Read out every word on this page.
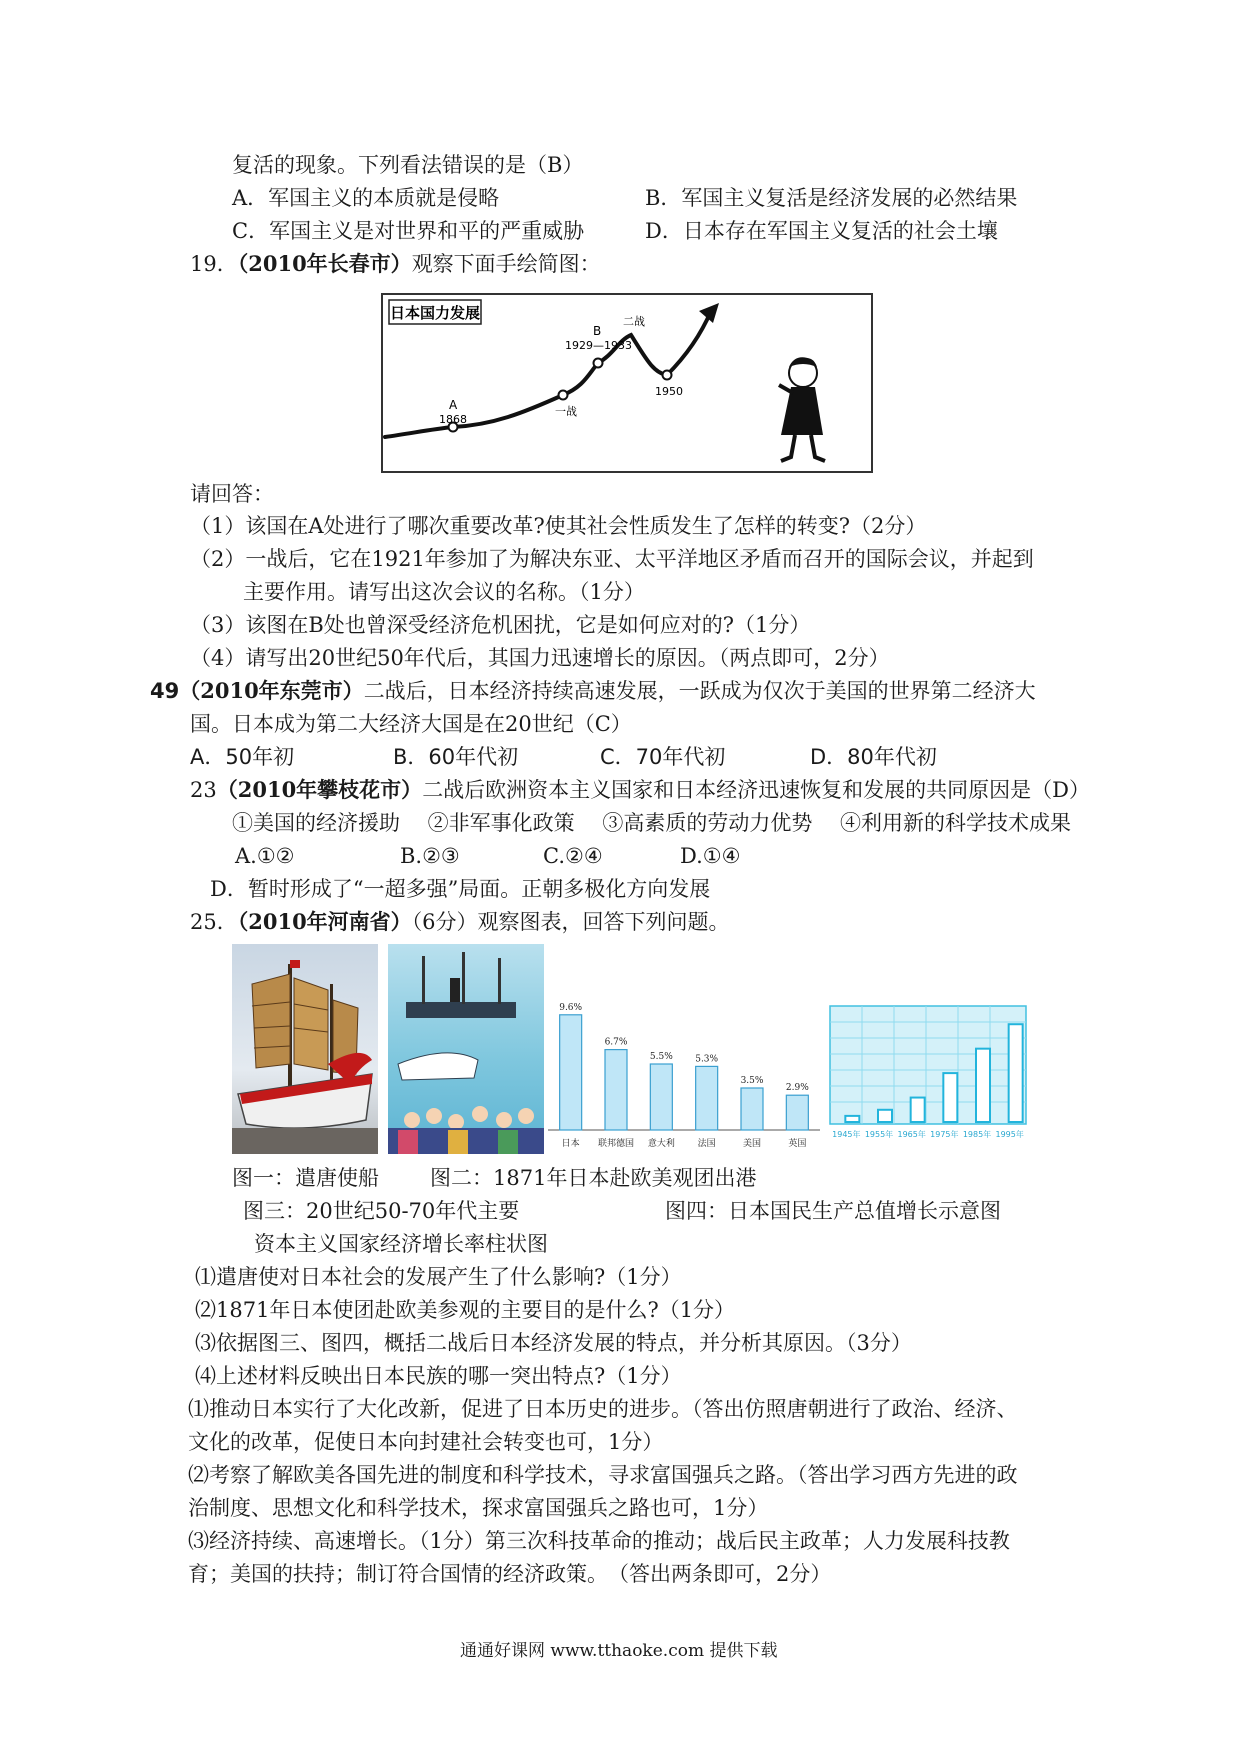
复活的现象。下列看法错误的是（B）
A．军国主义的本质就是侵略	B．军国主义复活是经济发展的必然结果
C．军国主义是对世界和平的严重威胁	D．日本存在军国主义复活的社会土壤
19．（2010年长春市）观察下面手绘简图：
日本国力发展
A
1868
一战
B
1929—1933
二战
1950
请回答：
（1）该国在A处进行了哪次重要改革?使其社会性质发生了怎样的转变?（2分）
（2）一战后，它在1921年参加了为解决东亚、太平洋地区矛盾而召开的国际会议，并起到
主要作用。请写出这次会议的名称。（1分）
（3）该图在B处也曾深受经济危机困扰，它是如何应对的?（1分）
（4）请写出20世纪50年代后，其国力迅速增长的原因。（两点即可，2分）
49（2010年东莞市）二战后，日本经济持续高速发展，一跃成为仅次于美国的世界第二经济大
国。日本成为第二大经济大国是在20世纪（C）
A．50年初	B．60年代初	C．70年代初	D．80年代初
23（2010年攀枝花市）二战后欧洲资本主义国家和日本经济迅速恢复和发展的共同原因是（D）
①美国的经济援助　 ②非军事化政策　 ③高素质的劳动力优势　 ④利用新的科学技术成果
A.①②	B.②③	C.②④	D.①④
D．暂时形成了“一超多强”局面。正朝多极化方向发展
25．（2010年河南省）（6分）观察图表，回答下列问题。
9.6%
日本
6.7%
联邦德国
5.5%
意大利
5.3%
法国
3.5%
美国
2.9%
英国
1945年 1955年 1965年 1975年 1985年 1995年
图一：遣唐使船 图二：1871年日本赴欧美观团出港
图三：20世纪50-70年代主要	图四：日本国民生产总值增长示意图
资本主义国家经济增长率柱状图
⑴遣唐使对日本社会的发展产生了什么影响?（1分）
⑵1871年日本使团赴欧美参观的主要目的是什么?（1分）
⑶依据图三、图四，概括二战后日本经济发展的特点，并分析其原因。（3分）
⑷上述材料反映出日本民族的哪一突出特点?（1分）
⑴推动日本实行了大化改新，促进了日本历史的进步。（答出仿照唐朝进行了政治、经济、
文化的改革，促使日本向封建社会转变也可，1分）
⑵考察了解欧美各国先进的制度和科学技术，寻求富国强兵之路。（答出学习西方先进的政
治制度、思想文化和科学技术，探求富国强兵之路也可，1分）
⑶经济持续、高速增长。（1分）第三次科技革命的推动；战后民主政革；人力发展科技教
育；美国的扶持；制订符合国情的经济政策。　（答出两条即可，2分）
通通好课网 www.tthaoke.com 提供下载
